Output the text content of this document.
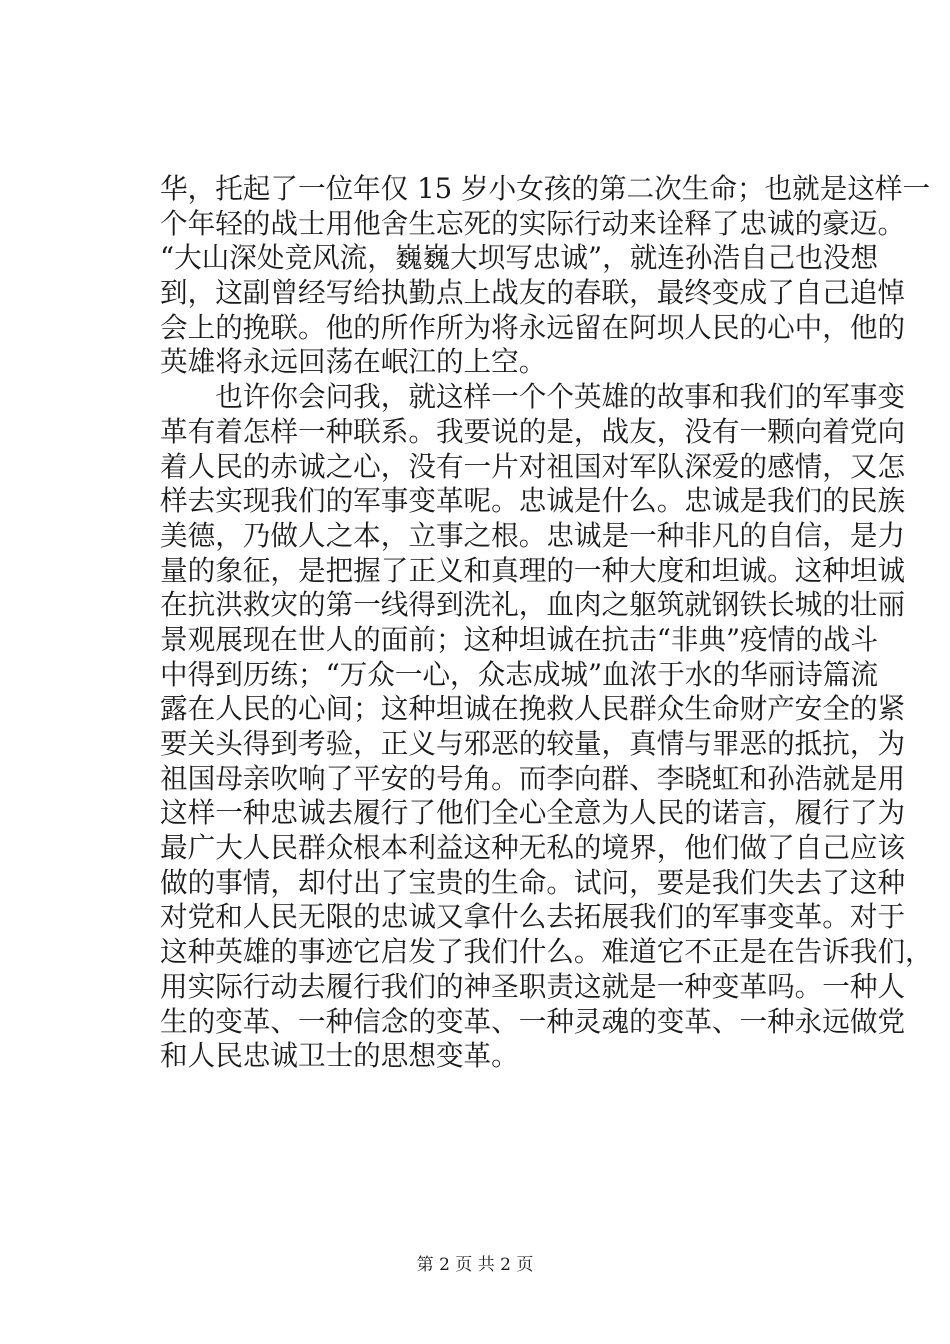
华，托起了一位年仅 15 岁小女孩的第二次生命；也就是这样一
个年轻的战士用他舍生忘死的实际行动来诠释了忠诚的豪迈。
“大山深处竞风流，巍巍大坝写忠诚”，就连孙浩自己也没想
到，这副曾经写给执勤点上战友的春联，最终变成了自己追悼
会上的挽联。他的所作所为将永远留在阿坝人民的心中，他的
英雄将永远回荡在岷江的上空。
　　也许你会问我，就这样一个个英雄的故事和我们的军事变
革有着怎样一种联系。我要说的是，战友，没有一颗向着党向
着人民的赤诚之心，没有一片对祖国对军队深爱的感情，又怎
样去实现我们的军事变革呢。忠诚是什么。忠诚是我们的民族
美德，乃做人之本，立事之根。忠诚是一种非凡的自信，是力
量的象征，是把握了正义和真理的一种大度和坦诚。这种坦诚
在抗洪救灾的第一线得到洗礼，血肉之躯筑就钢铁长城的壮丽
景观展现在世人的面前；这种坦诚在抗击“非典”疫情的战斗
中得到历练；“万众一心，众志成城”血浓于水的华丽诗篇流
露在人民的心间；这种坦诚在挽救人民群众生命财产安全的紧
要关头得到考验，正义与邪恶的较量，真情与罪恶的抵抗，为
祖国母亲吹响了平安的号角。而李向群、李晓虹和孙浩就是用
这样一种忠诚去履行了他们全心全意为人民的诺言，履行了为
最广大人民群众根本利益这种无私的境界，他们做了自己应该
做的事情，却付出了宝贵的生命。试问，要是我们失去了这种
对党和人民无限的忠诚又拿什么去拓展我们的军事变革。对于
这种英雄的事迹它启发了我们什么。难道它不正是在告诉我们，
用实际行动去履行我们的神圣职责这就是一种变革吗。一种人
生的变革、一种信念的变革、一种灵魂的变革、一种永远做党
和人民忠诚卫士的思想变革。
第 2 页 共 2 页
